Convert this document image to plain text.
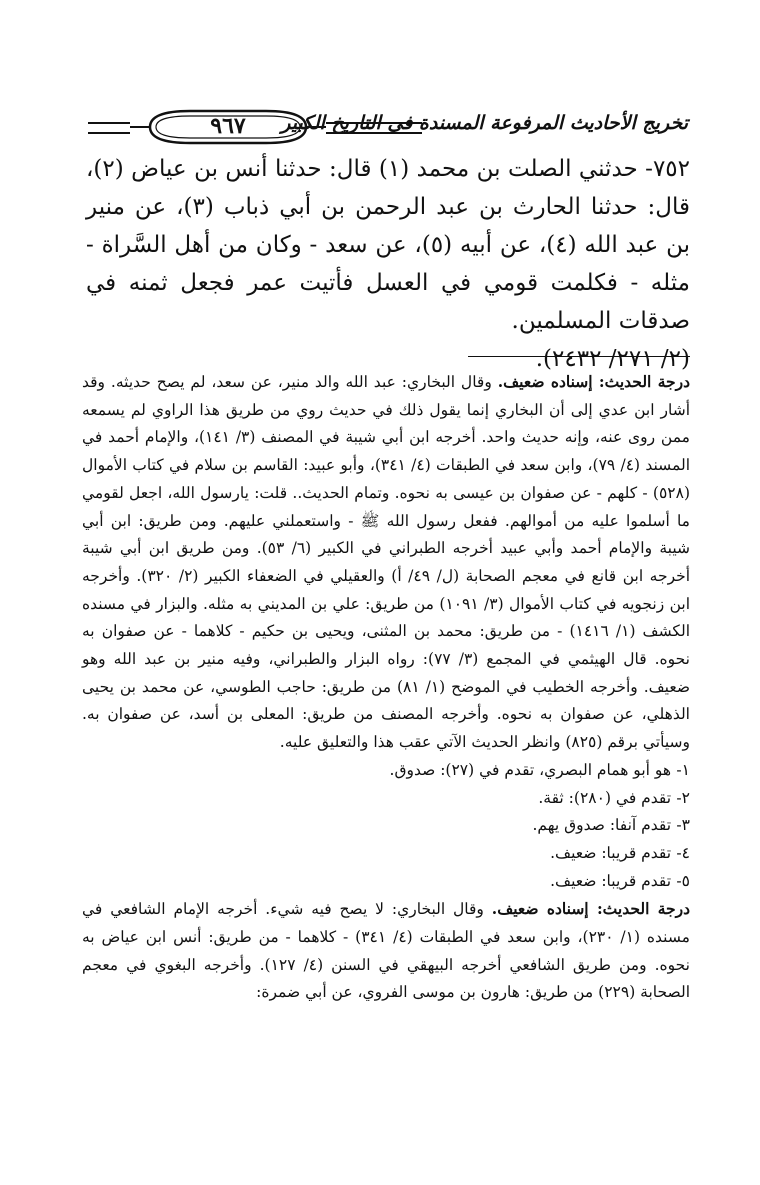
تخريج الأحاديث المرفوعة المسندة في التاريخ الكبير
٩٦٧

٧٥٢- حدثني الصلت بن محمد (١) قال: حدثنا أنس بن عياض (٢)، قال: حدثنا الحارث بن عبد الرحمن بن أبي ذباب (٣)، عن منير بن عبد الله (٤)، عن أبيه (٥)، عن سعد - وكان من أهل السَّراة - مثله - فكلمت قومي في العسل فأتيت عمر فجعل ثمنه في صدقات المسلمين.

(٢/ ٢٧١/ ٢٤٣٢).

درجة الحديث: إسناده ضعيف. وقال البخاري: عبد الله والد منير، عن سعد، لم يصح حديثه. وقد أشار ابن عدي إلى أن البخاري إنما يقول ذلك في حديث روي من طريق هذا الراوي لم يسمعه ممن روى عنه، وإنه حديث واحد. أخرجه ابن أبي شيبة في المصنف (٣/ ١٤١)، والإمام أحمد في المسند (٤/ ٧٩)، وابن سعد في الطبقات (٤/ ٣٤١)، وأبو عبيد: القاسم بن سلام في كتاب الأموال (٥٢٨) - كلهم - عن صفوان بن عيسى به نحوه. وتمام الحديث.. قلت: يارسول الله، اجعل لقومي ما أسلموا عليه من أموالهم. ففعل رسول الله ﷺ - واستعملني عليهم. ومن طريق: ابن أبي شيبة والإمام أحمد وأبي عبيد أخرجه الطبراني في الكبير (٦/ ٥٣). ومن طريق ابن أبي شيبة أخرجه ابن قانع في معجم الصحابة (ل/ ٤٩/ أ) والعقيلي في الضعفاء الكبير (٢/ ٣٢٠). وأخرجه ابن زنجويه في كتاب الأموال (٣/ ١٠٩١) من طريق: علي بن المديني به مثله. والبزار في مسنده الكشف (١/ ١٤١٦) - من طريق: محمد بن المثنى، ويحيى بن حكيم - كلاهما - عن صفوان به نحوه. قال الهيثمي في المجمع (٣/ ٧٧): رواه البزار والطبراني، وفيه منير بن عبد الله وهو ضعيف. وأخرجه الخطيب في الموضح (١/ ٨١) من طريق: حاجب الطوسي، عن محمد بن يحيى الذهلي، عن صفوان به نحوه. وأخرجه المصنف من طريق: المعلى بن أسد، عن صفوان به. وسيأتي برقم (٨٢٥) وانظر الحديث الآتي عقب هذا والتعليق عليه.

١- هو أبو همام البصري، تقدم في (٢٧): صدوق.
٢- تقدم في (٢٨٠): ثقة.
٣- تقدم آنفا: صدوق يهم.
٤- تقدم قريبا: ضعيف.
٥- تقدم قريبا: ضعيف.

درجة الحديث: إسناده ضعيف. وقال البخاري: لا يصح فيه شيء. أخرجه الإمام الشافعي في مسنده (١/ ٢٣٠)، وابن سعد في الطبقات (٤/ ٣٤١) - كلاهما - من طريق: أنس ابن عياض به نحوه. ومن طريق الشافعي أخرجه البيهقي في السنن (٤/ ١٢٧). وأخرجه البغوي في معجم الصحابة (٢٢٩) من طريق: هارون بن موسى الفروي، عن أبي ضمرة:
